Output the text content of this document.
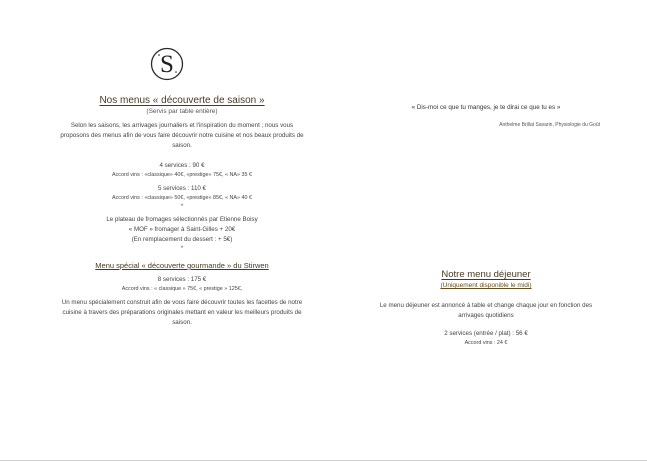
S
Nos menus « découverte de saison »
(Servis par table entière)
Selon les saisons, les arrivages journaliers et l'inspiration du moment ; nous vous proposons des menus afin de vous faire découvrir notre cuisine et nos beaux produits de saison.
4 services : 90 €
Accord vins : «classique» 40€, «prestige» 75€, « NA» 35 €
5 services : 110 €
Accord vins : «classique» 50€, «prestige» 85€, « NA» 40 €
*
Le plateau de fromages sélectionnés par Etienne Boisy
« MOF » fromager à Saint-Gilles + 20€
(En remplacement du dessert : + 5€)
*
Menu spécial « découverte gourmande » du Stirwen
8 services : 175 €
Accord vins : « classique » 75€, « prestige » 125€,
Un menu spécialement construit afin de vous faire découvrir toutes les facettes de notre cuisine à travers des préparations originales mettant en valeur les meilleurs produits de saison.
« Dis-moi ce que tu manges, je te dirai ce que tu es »
Anthelme Brillat Savarin, Physiologie du Goût
Notre menu déjeuner
(Uniquement disponible le midi)
Le menu déjeuner est annoncé à table et change chaque jour en fonction des arrivages quotidiens
2 services (entrée / plat) : 56 €
Accord vins : 24 €
